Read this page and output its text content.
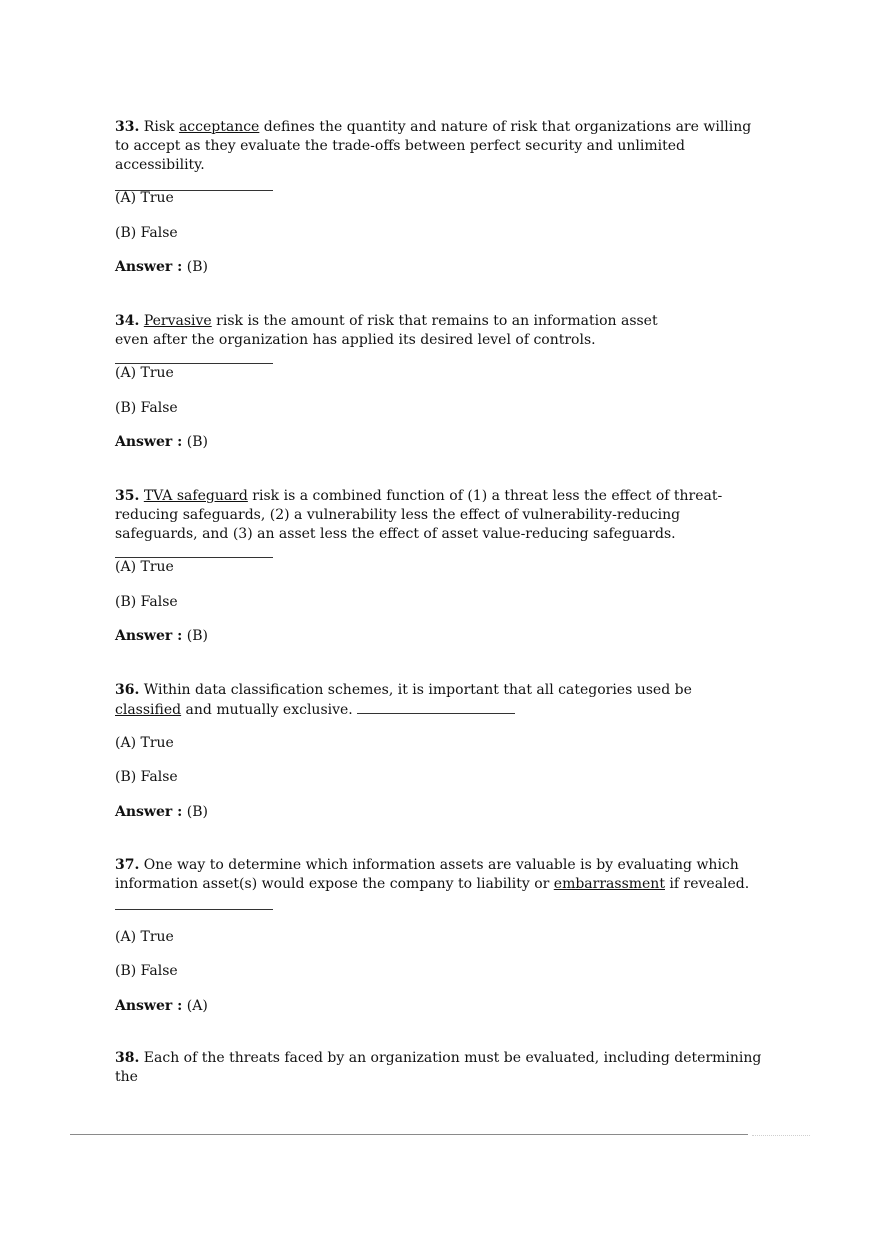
33. Risk acceptance defines the quantity and nature of risk that organizations are willing to accept as they evaluate the trade-offs between perfect security and unlimited accessibility.

(A) True
(B) False
Answer : (B)

34. Pervasive risk is the amount of risk that remains to an information asset even after the organization has applied its desired level of controls.

(A) True
(B) False
Answer : (B)

35. TVA safeguard risk is a combined function of (1) a threat less the effect of threat-reducing safeguards, (2) a vulnerability less the effect of vulnerability-reducing safeguards, and (3) an asset less the effect of asset value-reducing safeguards.

(A) True
(B) False
Answer : (B)

36. Within data classification schemes, it is important that all categories used be classified and mutually exclusive.

(A) True
(B) False
Answer : (B)

37. One way to determine which information assets are valuable is by evaluating which information asset(s) would expose the company to liability or embarrassment if revealed.

(A) True
(B) False
Answer : (A)

38. Each of the threats faced by an organization must be evaluated, including determining the
